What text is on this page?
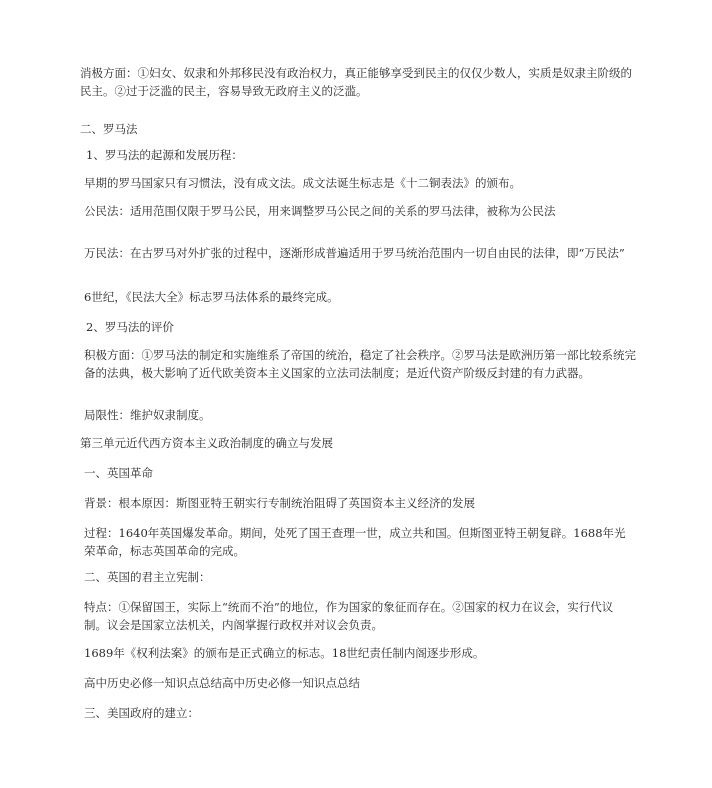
消极方面：①妇女、奴隶和外邦移民没有政治权力，真正能够享受到民主的仅仅少数人，实质是奴隶主阶级的民主。②过于泛滥的民主，容易导致无政府主义的泛滥。

二、罗马法

1、罗马法的起源和发展历程：

早期的罗马国家只有习惯法，没有成文法。成文法诞生标志是《十二铜表法》的颁布。

公民法：适用范围仅限于罗马公民，用来调整罗马公民之间的关系的罗马法律，被称为公民法

万民法：在古罗马对外扩张的过程中，逐渐形成普遍适用于罗马统治范围内一切自由民的法律，即“万民法”

6世纪，《民法大全》标志罗马法体系的最终完成。

2、罗马法的评价

积极方面：①罗马法的制定和实施维系了帝国的统治，稳定了社会秩序。②罗马法是欧洲历第一部比较系统完备的法典，极大影响了近代欧美资本主义国家的立法司法制度；是近代资产阶级反封建的有力武器。

局限性：维护奴隶制度。

第三单元近代西方资本主义政治制度的确立与发展

一、英国革命

背景：根本原因：斯图亚特王朝实行专制统治阻碍了英国资本主义经济的发展

过程：1640年英国爆发革命。期间，处死了国王查理一世，成立共和国。但斯图亚特王朝复辟。1688年光荣革命，标志英国革命的完成。

二、英国的君主立宪制：

特点：①保留国王，实际上“统而不治”的地位，作为国家的象征而存在。②国家的权力在议会，实行代议制。议会是国家立法机关，内阁掌握行政权并对议会负责。

1689年《权利法案》的颁布是正式确立的标志。18世纪责任制内阁逐步形成。

高中历史必修一知识点总结高中历史必修一知识点总结

三、美国政府的建立：
